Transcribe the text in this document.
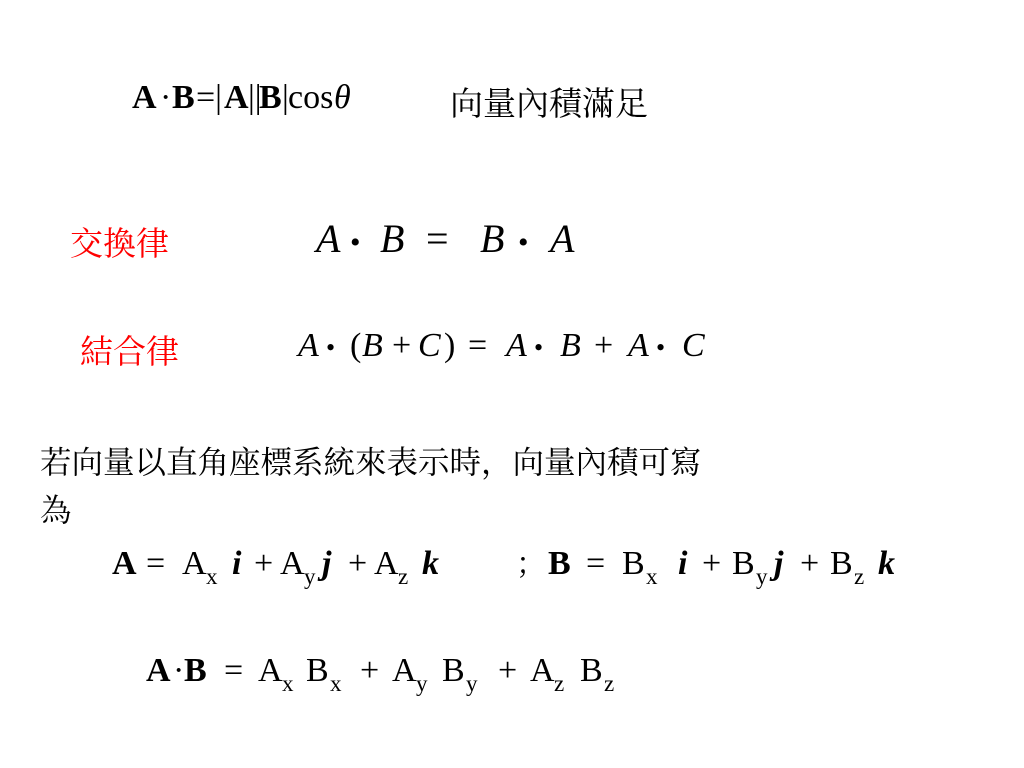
A · B =| A || B | cos θ	向量內積滿足
交換律	A • B = B • A
結合律	A • ( B + C ) = A • B + A • C
若向量以直角座標系統來表示時，向量內積可寫
為
A = A x i + A y j + A z k	； B = B x i + B y j + B z k
A · B = A x B x + A y B y + A z B z
